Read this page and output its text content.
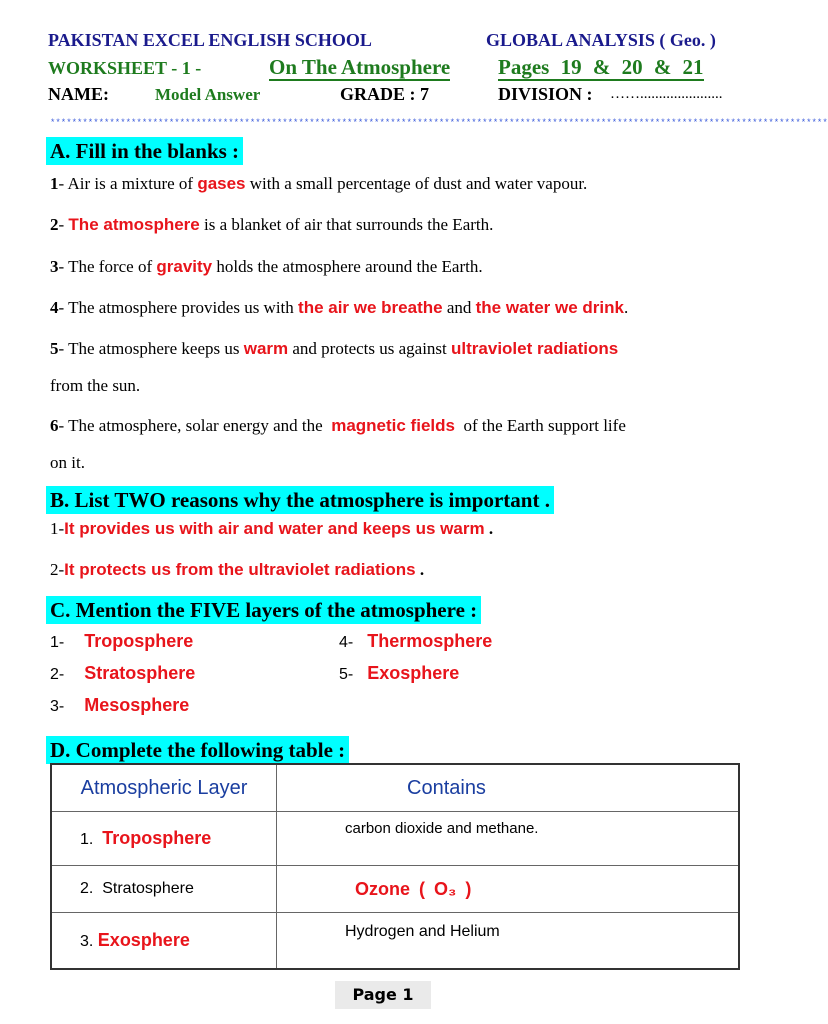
PAKISTAN EXCEL ENGLISH SCHOOL	GLOBAL ANALYSIS ( Geo. )
WORKSHEET - 1 -	On The Atmosphere Pages 19 & 20 & 21
NAME:	Model Answer	GRADE : 7	DIVISION : ……......................
************************************************************************************************************************************************
A. Fill in the blanks :
1- Air is a mixture of gases with a small percentage of dust and water vapour.
2- The atmosphere is a blanket of air that surrounds the Earth.
3- The force of gravity holds the atmosphere around the Earth.
4- The atmosphere provides us with the air we breathe and the water we drink.
5- The atmosphere keeps us warm and protects us against ultraviolet radiations
from the sun.
6- The atmosphere, solar energy and the magnetic fields of the Earth support life
on it.
B. List TWO reasons why the atmosphere is important .
1-It provides us with air and water and keeps us warm .
2-It protects us from the ultraviolet radiations .
C. Mention the FIVE layers of the atmosphere :
1- Troposphere
2- Stratosphere
3- Mesosphere
4- Thermosphere
5- Exosphere
D. Complete the following table :
Atmospheric Layer	Contains
1. Troposphere	carbon dioxide and methane.
2. Stratosphere	Ozone ( O₃ )
3. Exosphere	Hydrogen and Helium
Page 1
